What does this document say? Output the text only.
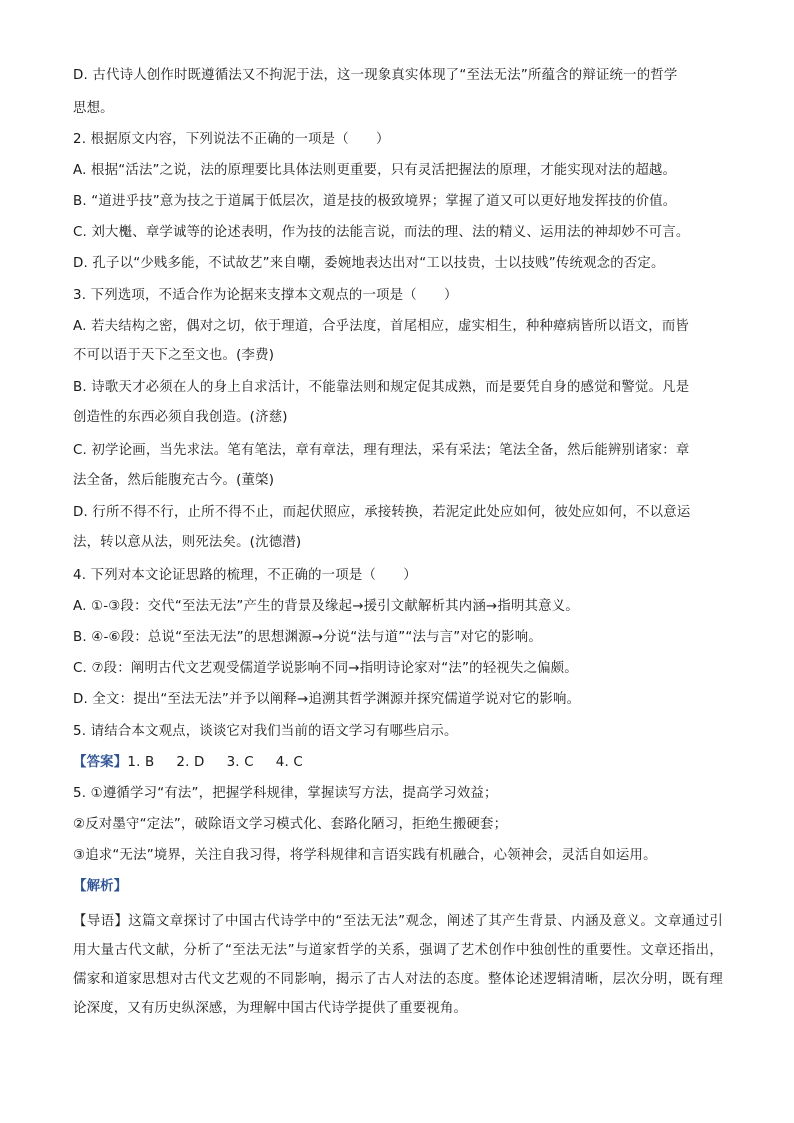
D. 古代诗人创作时既遵循法又不拘泥于法，这一现象真实体现了“至法无法”所蕴含的辩证统一的哲学
思想。
2. 根据原文内容，下列说法不正确的一项是（　　）
A. 根据“活法”之说，法的原理要比具体法则更重要，只有灵活把握法的原理，才能实现对法的超越。
B. “道进乎技”意为技之于道属于低层次，道是技的极致境界；掌握了道又可以更好地发挥技的价值。
C. 刘大櫆、章学诚等的论述表明，作为技的法能言说，而法的理、法的精义、运用法的神却妙不可言。
D. 孔子以“少贱多能，不试故艺”来自嘲，委婉地表达出对“工以技贵，士以技贱”传统观念的否定。
3. 下列选项，不适合作为论据来支撑本文观点的一项是（　　）
A. 若夫结构之密，偶对之切，依于理道，合乎法度，首尾相应，虚实相生，种种瘴病皆所以语文，而皆
不可以语于天下之至文也。(李费)
B. 诗歌天才必须在人的身上自求活计，不能靠法则和规定促其成熟，而是要凭自身的感觉和警觉。凡是
创造性的东西必须自我创造。(济慈)
C. 初学论画，当先求法。笔有笔法，章有章法，理有理法，采有采法；笔法全备，然后能辨别诸家：章
法全备，然后能腹充古今。(董棨)
D. 行所不得不行，止所不得不止，而起伏照应，承接转换，若泥定此处应如何，彼处应如何，不以意运
法，转以意从法，则死法矣。(沈德潜)
4. 下列对本文论证思路的梳理，不正确的一项是（　　）
A. ①-③段：交代“至法无法”产生的背景及缘起→援引文献解析其内涵→指明其意义。
B. ④-⑥段：总说“至法无法”的思想渊源→分说“法与道”“法与言”对它的影响。
C. ⑦段：阐明古代文艺观受儒道学说影响不同→指明诗论家对“法”的轻视失之偏颇。
D. 全文：提出“至法无法”并予以阐释→追溯其哲学渊源并探究儒道学说对它的影响。
5. 请结合本文观点，谈谈它对我们当前的语文学习有哪些启示。
【答案】1. B 2. D 3. C 4. C
5. ①遵循学习“有法”，把握学科规律，掌握读写方法，提高学习效益；
②反对墨守“定法”，破除语文学习模式化、套路化陋习，拒绝生搬硬套；
③追求“无法”境界，关注自我习得，将学科规律和言语实践有机融合，心领神会，灵活自如运用。
【解析】
【导语】这篇文章探讨了中国古代诗学中的“至法无法”观念，阐述了其产生背景、内涵及意义。文章通过引用大量古代文献，分析了“至法无法”与道家哲学的关系，强调了艺术创作中独创性的重要性。文章还指出，儒家和道家思想对古代文艺观的不同影响，揭示了古人对法的态度。整体论述逻辑清晰，层次分明，既有理论深度，又有历史纵深感，为理解中国古代诗学提供了重要视角。
